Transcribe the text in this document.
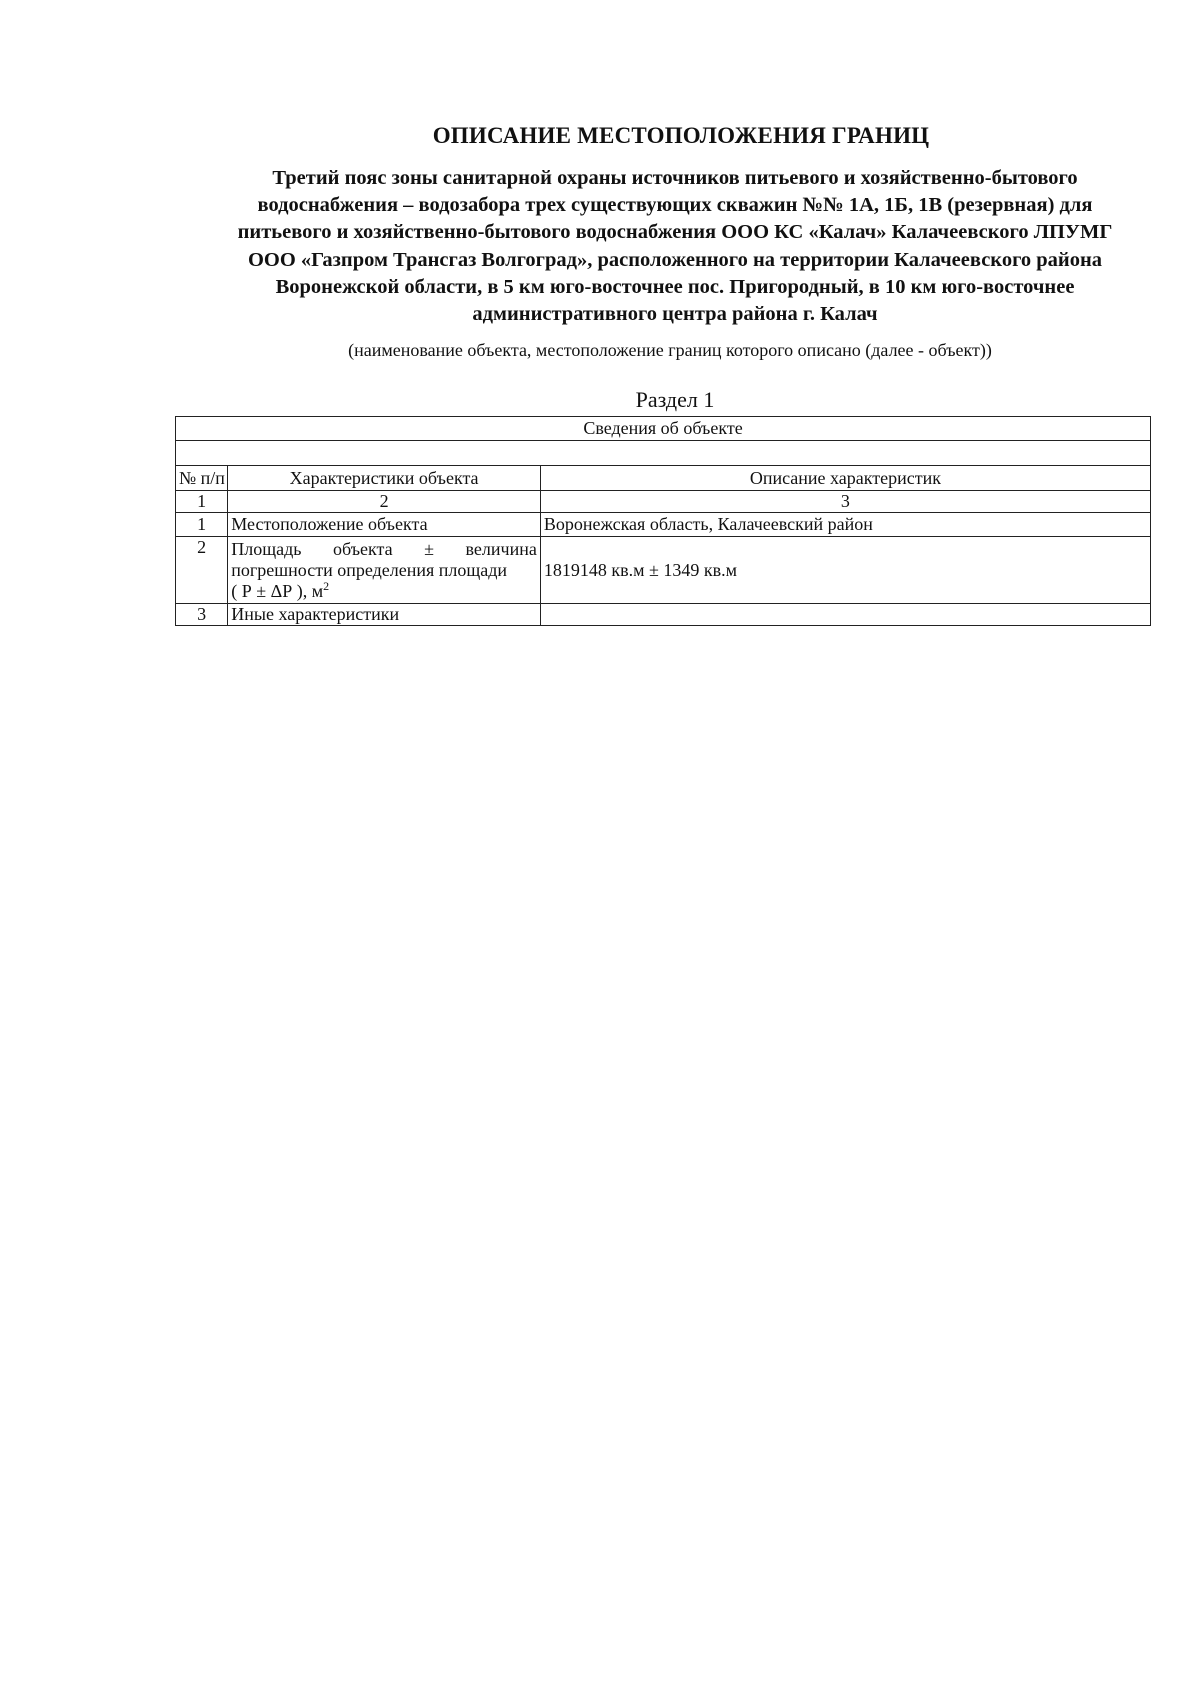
ОПИСАНИЕ МЕСТОПОЛОЖЕНИЯ ГРАНИЦ
Третий пояс зоны санитарной охраны источников питьевого и хозяйственно-бытового
водоснабжения – водозабора трех существующих скважин №№ 1А, 1Б, 1В (резервная) для
питьевого и хозяйственно-бытового водоснабжения ООО КС «Калач» Калачеевского ЛПУМГ
ООО «Газпром Трансгаз Волгоград», расположенного на территории Калачеевского района
Воронежской области, в 5 км юго-восточнее пос. Пригородный, в 10 км юго-восточнее
административного центра района г. Калач
(наименование объекта, местоположение границ которого описано (далее - объект))
Раздел 1
Сведения об объекте		

№ п/п	Характеристики объекта	Описание характеристик
1	2	3
1	Местоположение объекта	Воронежская область, Калачеевский район
2	Площадь объекта ± величина
погрешности определения площади
( Р ± ΔР ), $м^2$	1819148 кв.м ± 1349 кв.м
3	Иные характеристики	
